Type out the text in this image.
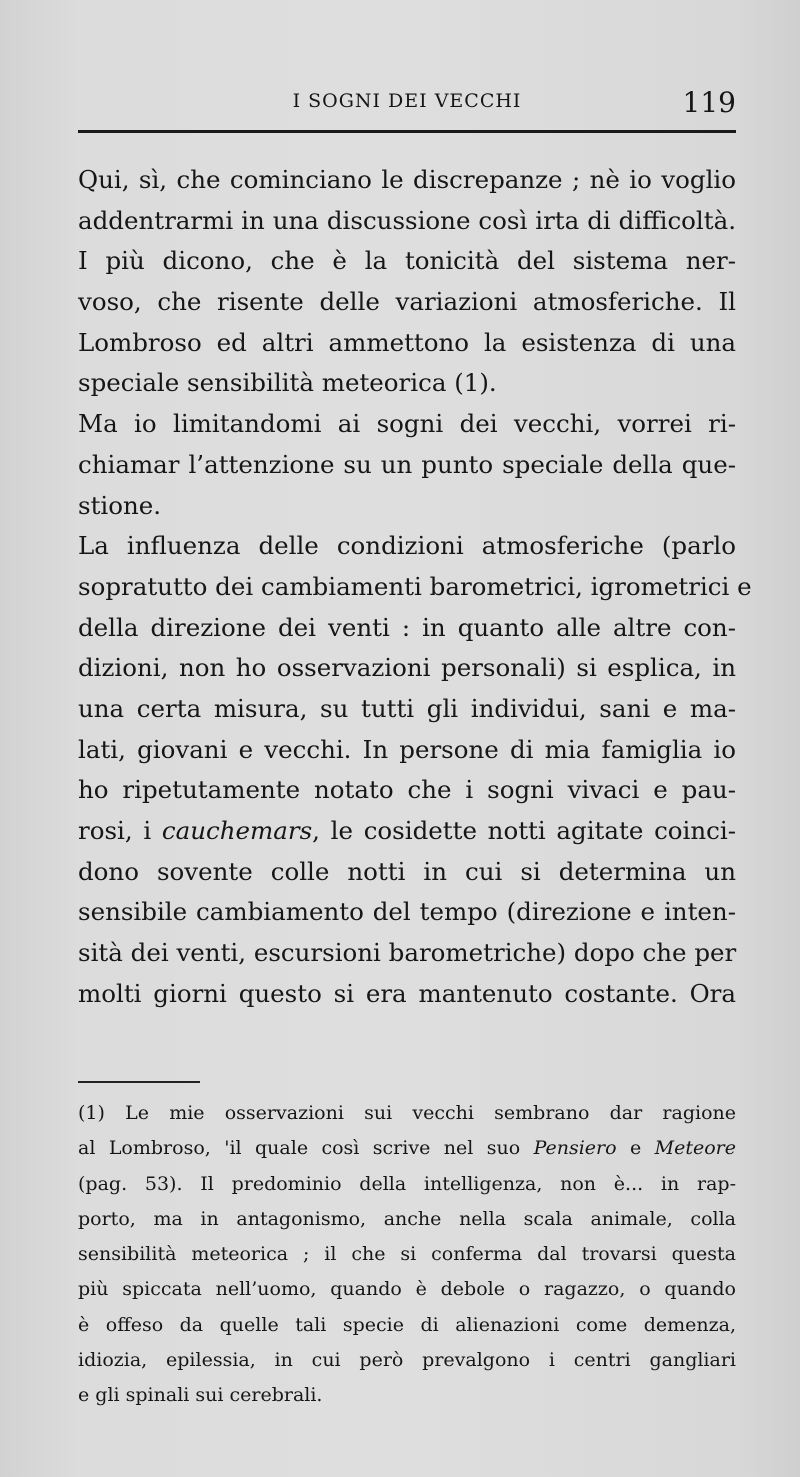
I SOGNI DEI VECCHI	119
Qui, sì, che cominciano le discrepanze ; nè io voglio
addentrarmi in una discussione così irta di difficoltà.
I più dicono, che è la tonicità del sistema ner-
voso, che risente delle variazioni atmosferiche. Il
Lombroso ed altri ammettono la esistenza di una
speciale sensibilità meteorica (1).
Ma io limitandomi ai sogni dei vecchi, vorrei ri-
chiamar l’attenzione su un punto speciale della que-
stione.
La influenza delle condizioni atmosferiche (parlo
sopratutto dei cambiamenti barometrici, igrometrici e
della direzione dei venti : in quanto alle altre con-
dizioni, non ho osservazioni personali) si esplica, in
una certa misura, su tutti gli individui, sani e ma-
lati, giovani e vecchi. In persone di mia famiglia io
ho ripetutamente notato che i sogni vivaci e pau-
rosi, i cauchemars, le cosidette notti agitate coinci-
dono sovente colle notti in cui si determina un
sensibile cambiamento del tempo (direzione e inten-
sità dei venti, escursioni barometriche) dopo che per
molti giorni questo si era mantenuto costante. Ora
(1) Le mie osservazioni sui vecchi sembrano dar ragione
al Lombroso, 'il quale così scrive nel suo Pensiero e Meteore
(pag. 53). Il predominio della intelligenza, non è... in rap-
porto, ma in antagonismo, anche nella scala animale, colla
sensibilità meteorica ; il che si conferma dal trovarsi questa
più spiccata nell’uomo, quando è debole o ragazzo, o quando
è offeso da quelle tali specie di alienazioni come demenza,
idiozia, epilessia, in cui però prevalgono i centri gangliari
e gli spinali sui cerebrali.
